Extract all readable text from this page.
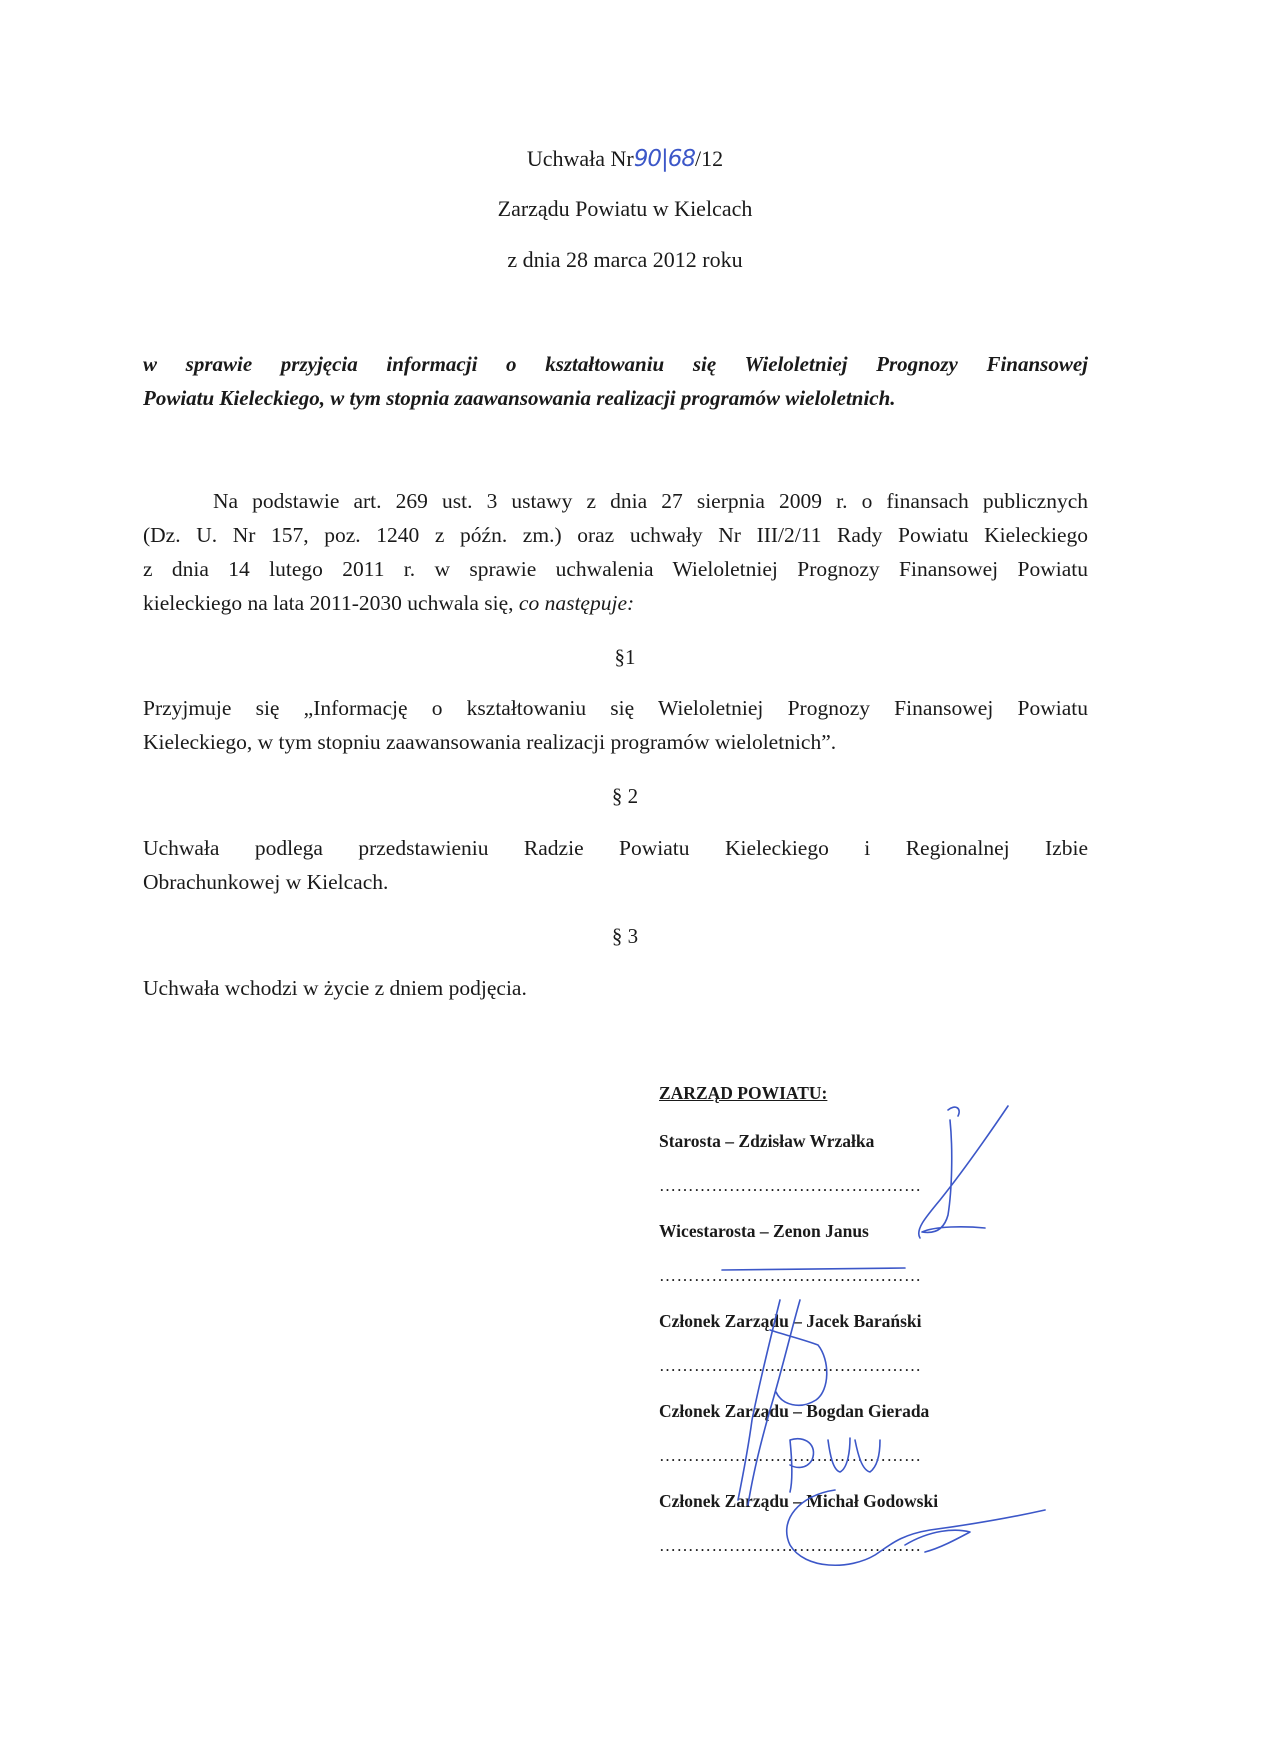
Uchwała Nr90|68/12
Zarządu Powiatu w Kielcach
z dnia 28 marca 2012 roku
w sprawie przyjęcia informacji o kształtowaniu się Wieloletniej Prognozy Finansowej
Powiatu Kieleckiego, w tym stopnia zaawansowania realizacji programów wieloletnich.
Na podstawie art. 269 ust. 3 ustawy z dnia 27 sierpnia 2009 r. o finansach publicznych
(Dz. U. Nr 157, poz. 1240 z późn. zm.) oraz uchwały Nr III/2/11 Rady Powiatu Kieleckiego
z dnia 14 lutego 2011 r. w sprawie uchwalenia Wieloletniej Prognozy Finansowej Powiatu
kieleckiego na lata 2011-2030 uchwala się, co następuje:
§1
Przyjmuje się „Informację o kształtowaniu się Wieloletniej Prognozy Finansowej Powiatu
Kieleckiego, w tym stopniu zaawansowania realizacji programów wieloletnich”.
§ 2
Uchwała podlega przedstawieniu Radzie Powiatu Kieleckiego i Regionalnej Izbie
Obrachunkowej w Kielcach.
§ 3
Uchwała wchodzi w życie z dniem podjęcia.
ZARZĄD POWIATU:
Starosta – Zdzisław Wrzałka
………………………………………
Wicestarosta – Zenon Janus
………………………………………
Członek Zarządu – Jacek Barański
………………………………………
Członek Zarządu – Bogdan Gierada
………………………………………
Członek Zarządu – Michał Godowski
………………………………………
